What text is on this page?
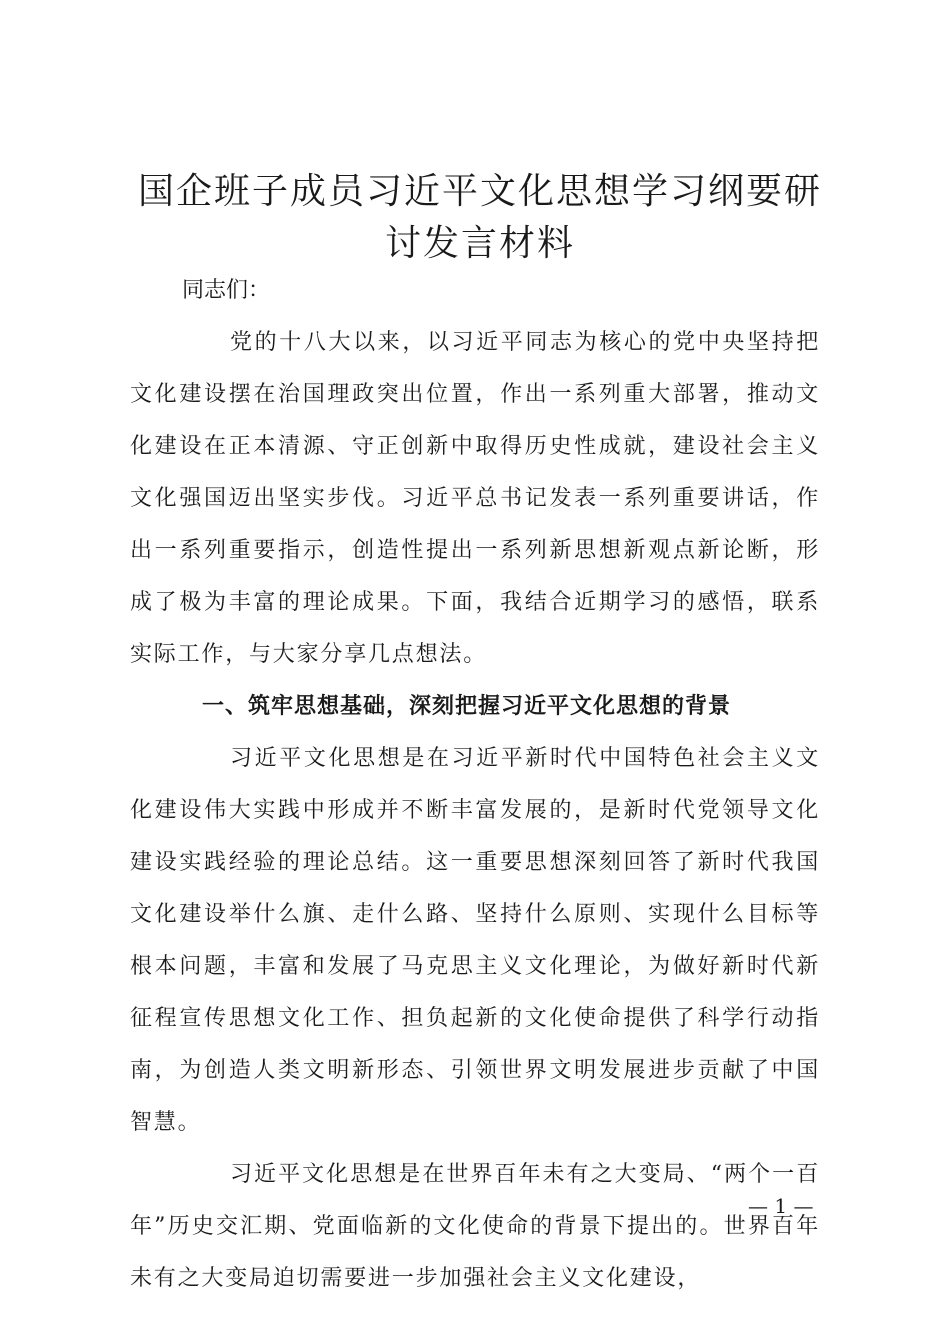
国企班子成员习近平文化思想学习纲要研讨发言材料

同志们：

党的十八大以来，以习近平同志为核心的党中央坚持把文化建设摆在治国理政突出位置，作出一系列重大部署，推动文化建设在正本清源、守正创新中取得历史性成就，建设社会主义文化强国迈出坚实步伐。习近平总书记发表一系列重要讲话，作出一系列重要指示，创造性提出一系列新思想新观点新论断，形成了极为丰富的理论成果。下面，我结合近期学习的感悟，联系实际工作，与大家分享几点想法。

一、筑牢思想基础，深刻把握习近平文化思想的背景

习近平文化思想是在习近平新时代中国特色社会主义文化建设伟大实践中形成并不断丰富发展的，是新时代党领导文化建设实践经验的理论总结。这一重要思想深刻回答了新时代我国文化建设举什么旗、走什么路、坚持什么原则、实现什么目标等根本问题，丰富和发展了马克思主义文化理论，为做好新时代新征程宣传思想文化工作、担负起新的文化使命提供了科学行动指南，为创造人类文明新形态、引领世界文明发展进步贡献了中国智慧。

习近平文化思想是在世界百年未有之大变局、“两个一百年”历史交汇期、党面临新的文化使命的背景下提出的。世界百年未有之大变局迫切需要进一步加强社会主义文化建设，

— 1 —
